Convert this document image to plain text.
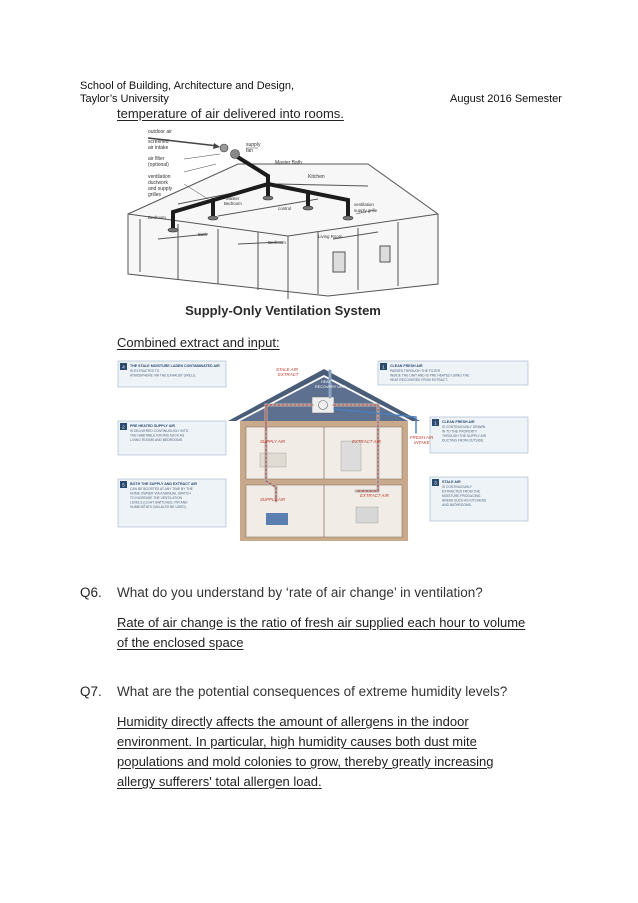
School of Building, Architecture and Design,
Taylor’s University	August 2016 Semester
temperature of air delivered into rooms.
outdoor air
screened
air intake
air filter
(optional)
ventilation
ductwork
and supply
grilles
supply
fan
Master Bath
Kitchen
Master
Bedroom
control
ventilation
supply grille
Bedroom
Bath
Bedroom
Living Room
Supply-Only Ventilation System
Combined extract and input:
4 THE STALE MOISTURE LADEN CONTAMINATED AIR
IS EXTRACTED TO
ATMOSPHERE VIA THE EXHAUST GRILLE.
2 PRE HEATED SUPPLY AIR
IS DELIVERED CONTINUOUSLY INTO
THE HABITABLE ROOMS SUCH AS
LIVING ROOMS AND BEDROOMS.
5 BOTH THE SUPPLY AND EXTRACT AIR
CAN BE BOOSTED AT ANY TIME BY THE
HOME OWNER VIA A MANUAL SWITCH
TO INCREASE THE VENTILATION
LEVELS (LIGHT SWITCHES, PIR AND
HUMIDISTATS CAN ALSO BE USED).
1 CLEAN FRESH AIR
PASSES THROUGH THE FILTER
INSIDE THE UNIT AND IS PRE HEATED USING THE
HEAT RECOVERED FROM EXTRACT.
1 CLEAN FRESH AIR
IS CONTINUOUSLY DRAWN
IN TO THE PROPERTY
THROUGH THE SUPPLY AIR
DUCTING FROM OUTSIDE.
3 STALE AIR
IS CONTINUOUSLY
EXTRACTED FROM THE
MOISTURE PRODUCING
AREAS SUCH AS KITCHENS
AND BATHROOMS.
STALE AIR
EXTRACT
HEAT
RECOVERY UNIT
FRESH AIR
INTAKE
SUPPLY AIR	EXTRACT AIR
SUPPLY AIR
EXTRACT AIR
Q6. What do you understand by ‘rate of air change’ in ventilation?
Rate of air change is the ratio of fresh air supplied each hour to volume
of the enclosed space
Q7. What are the potential consequences of extreme humidity levels?
Humidity directly affects the amount of allergens in the indoor
environment. In particular, high humidity causes both dust mite
populations and mold colonies to grow, thereby greatly increasing
allergy sufferers' total allergen load.
